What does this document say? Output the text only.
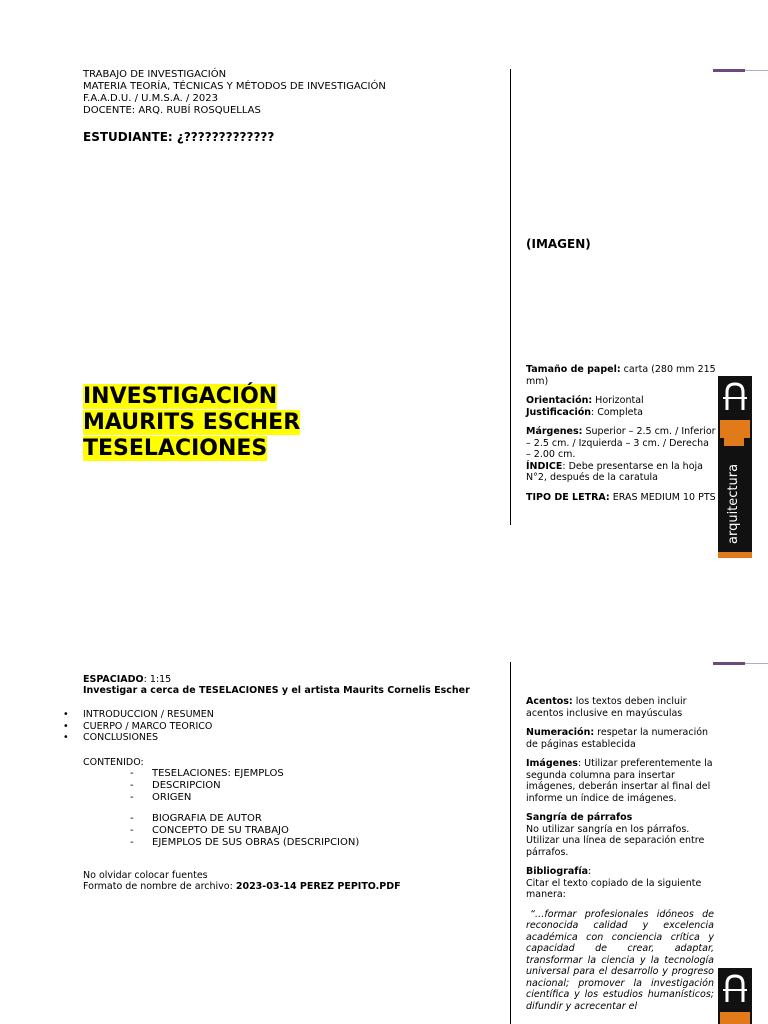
TRABAJO DE INVESTIGACIÓN
MATERIA TEORÍA, TÉCNICAS Y MÉTODOS DE INVESTIGACIÓN
F.A.A.D.U. / U.M.S.A. / 2023
DOCENTE: ARQ. RUBÍ ROSQUELLAS
ESTUDIANTE: ¿?????????????
INVESTIGACIÓN
MAURITS ESCHER
TESELACIONES
(IMAGEN)

Tamaño de papel: carta (280 mm 215 mm)

Orientación: Horizontal

Justificación: Completa

Márgenes: Superior – 2.5 cm. / Inferior – 2.5 cm. / Izquierda – 3 cm. / Derecha – 2.00 cm.

ÍNDICE: Debe presentarse en la hoja N°2, después de la caratula

TIPO DE LETRA: ERAS MEDIUM 10 PTS arquitectura
ESPACIADO: 1:15
Investigar a cerca de TESELACIONES y el artista Maurits Cornelis Escher
• INTRODUCCION / RESUMEN
• CUERPO / MARCO TEORICO
• CONCLUSIONES
CONTENIDO:
- TESELACIONES: EJEMPLOS
- DESCRIPCION
- ORIGEN
- BIOGRAFIA DE AUTOR
- CONCEPTO DE SU TRABAJO
- EJEMPLOS DE SUS OBRAS (DESCRIPCION)
No olvidar colocar fuentes
Formato de nombre de archivo: 2023-03-14 PEREZ PEPITO.PDF

Acentos: los textos deben incluir acentos inclusive en mayúsculas

Numeración: respetar la numeración de páginas establecida

Imágenes: Utilizar preferentemente la segunda columna para insertar imágenes, deberán insertar al final del informe un índice de imágenes.

Sangría de párrafos
No utilizar sangría en los párrafos. Utilizar una línea de separación entre párrafos.

Bibliografía:
Citar el texto copiado de la siguiente manera:

“…formar profesionales idóneos de reconocida calidad y excelencia académica con conciencia crítica y capacidad de crear, adaptar, transformar la ciencia y la tecnología universal para el desarrollo y progreso nacional; promover la investigación científica y los estudios humanísticos; difundir y acrecentar el
